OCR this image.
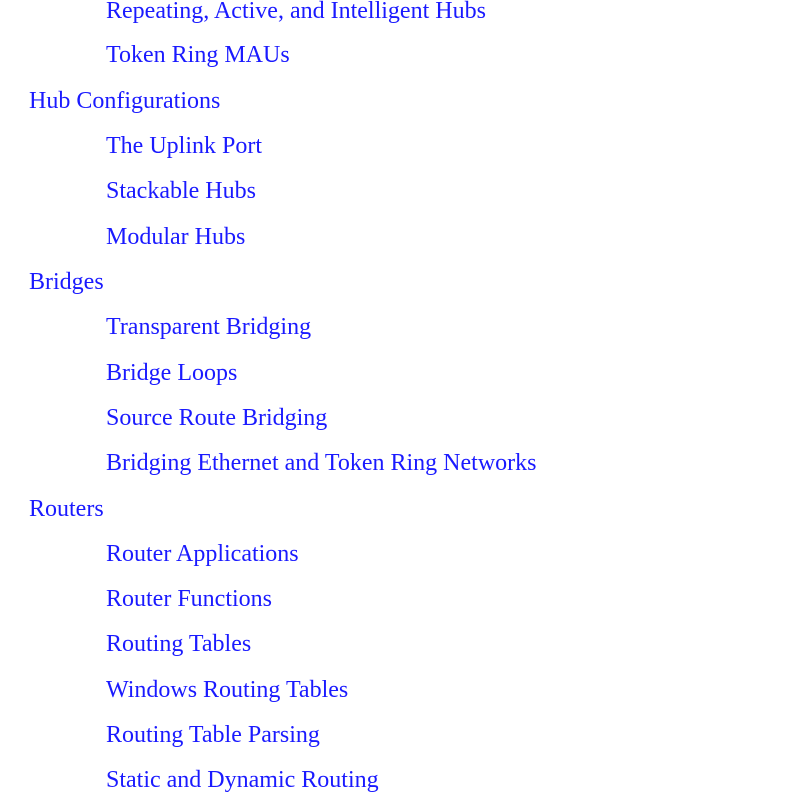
Repeating, Active, and Intelligent Hubs
Token Ring MAUs
Hub Configurations
The Uplink Port
Stackable Hubs
Modular Hubs
Bridges
Transparent Bridging
Bridge Loops
Source Route Bridging
Bridging Ethernet and Token Ring Networks
Routers
Router Applications
Router Functions
Routing Tables
Windows Routing Tables
Routing Table Parsing
Static and Dynamic Routing
